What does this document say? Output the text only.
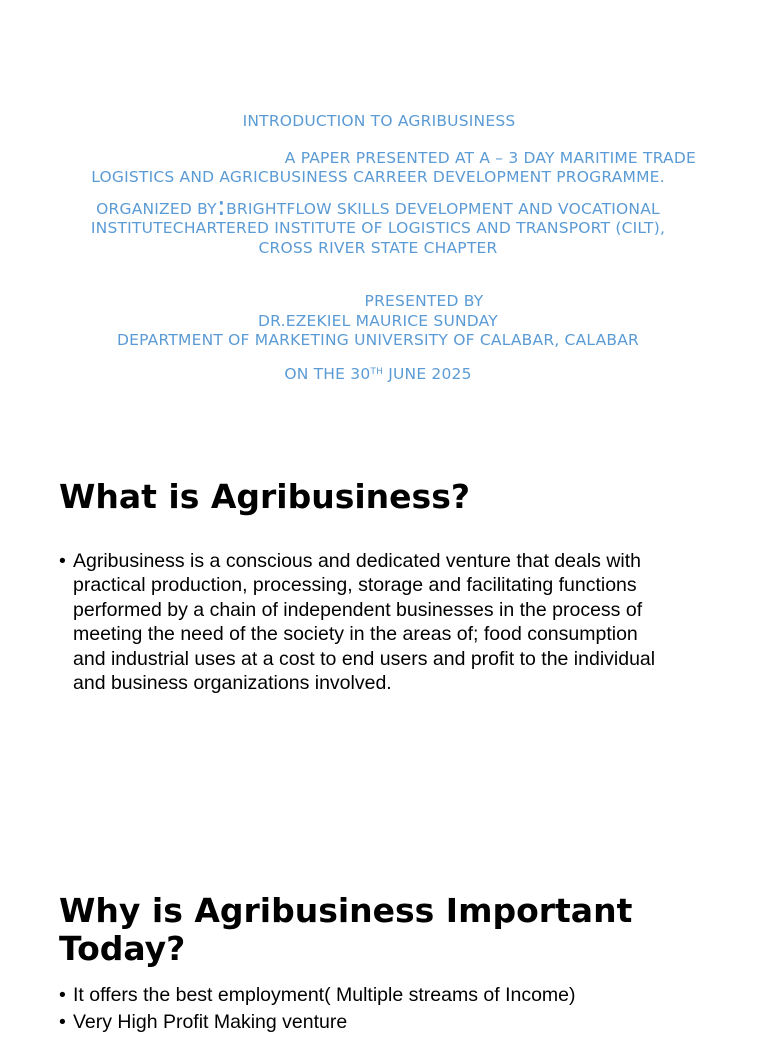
INTRODUCTION TO AGRIBUSINESS
A PAPER PRESENTED AT A – 3 DAY MARITIME TRADE
LOGISTICS AND AGRICBUSINESS CARREER DEVELOPMENT PROGRAMME.
ORGANIZED BY:BRIGHTFLOW SKILLS DEVELOPMENT AND VOCATIONAL
INSTITUTECHARTERED INSTITUTE OF LOGISTICS AND TRANSPORT (CILT),
CROSS RIVER STATE CHAPTER
PRESENTED BY
DR.EZEKIEL MAURICE SUNDAY
DEPARTMENT OF MARKETING UNIVERSITY OF CALABAR, CALABAR
ON THE 30TH JUNE 2025
What is Agribusiness?
• Agribusiness is a conscious and dedicated venture that deals with
practical production, processing, storage and facilitating functions
performed by a chain of independent businesses in the process of
meeting the need of the society in the areas of; food consumption
and industrial uses at a cost to end users and profit to the individual
and business organizations involved.
Why is Agribusiness Important
Today?
• It offers the best employment( Multiple streams of Income)
• Very High Profit Making venture
